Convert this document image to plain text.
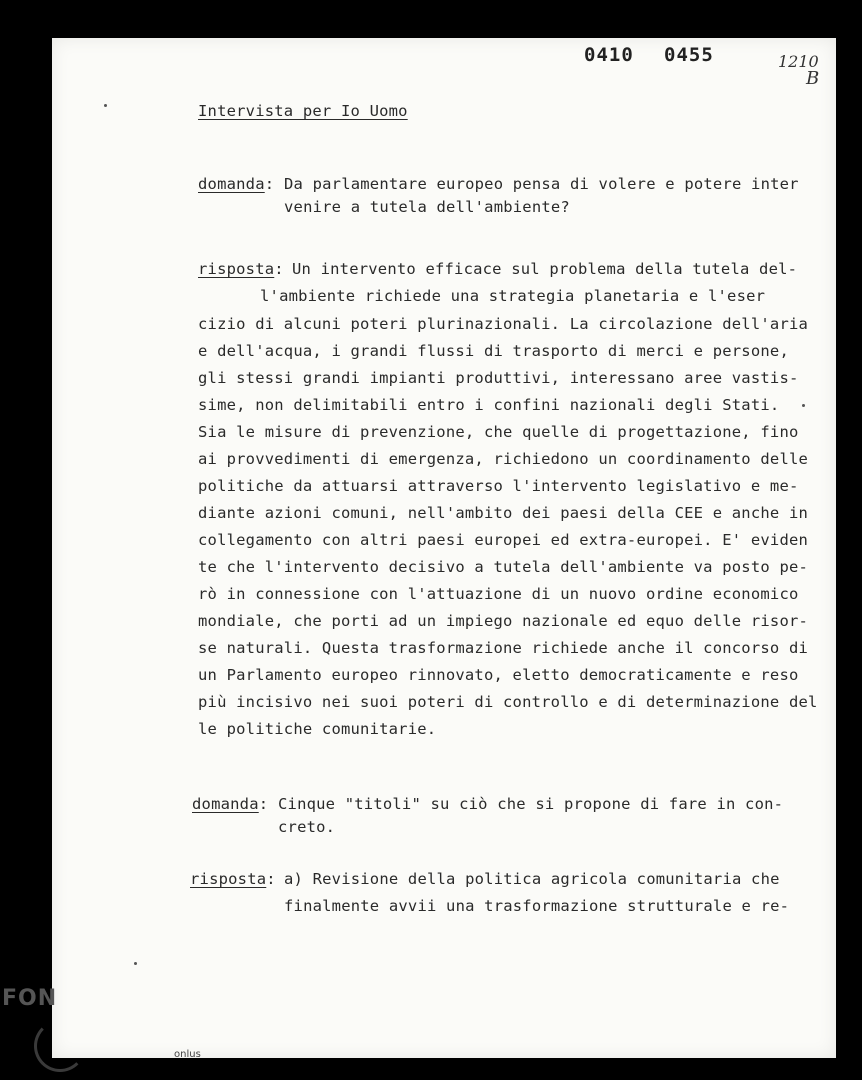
0410 0455	1210
B
Intervista per Io Uomo
domanda:

Da parlamentare europeo pensa di volere e potere inter

venire a tutela dell'ambiente?

risposta: Un intervento efficace sul problema della tutela del-
l'ambiente richiede una strategia planetaria e l'eser

cizio di alcuni poteri plurinazionali. La circolazione dell'aria

e dell'acqua, i grandi flussi di trasporto di merci e persone,

gli stessi grandi impianti produttivi, interessano aree vastis-

sime, non delimitabili entro i confini nazionali degli Stati.

Sia le misure di prevenzione, che quelle di progettazione, fino

ai provvedimenti di emergenza, richiedono un coordinamento delle

politiche da attuarsi attraverso l'intervento legislativo e me-

diante azioni comuni, nell'ambito dei paesi della CEE e anche in

collegamento con altri paesi europei ed extra-europei. E' eviden

te che l'intervento decisivo a tutela dell'ambiente va posto pe-

rò in connessione con l'attuazione di un nuovo ordine economico

mondiale, che porti ad un impiego nazionale ed equo delle risor-

se naturali. Questa trasformazione richiede anche il concorso di

un Parlamento europeo rinnovato, eletto democraticamente e reso

più incisivo nei suoi poteri di controllo e di determinazione del

le politiche comunitarie.

domanda:

Cinque "titoli" su ciò che si propone di fare in con-

creto.

risposta: a) Revisione della politica agricola comunitaria che
finalmente avvii una trasformazione strutturale e re-
FON
onlus
